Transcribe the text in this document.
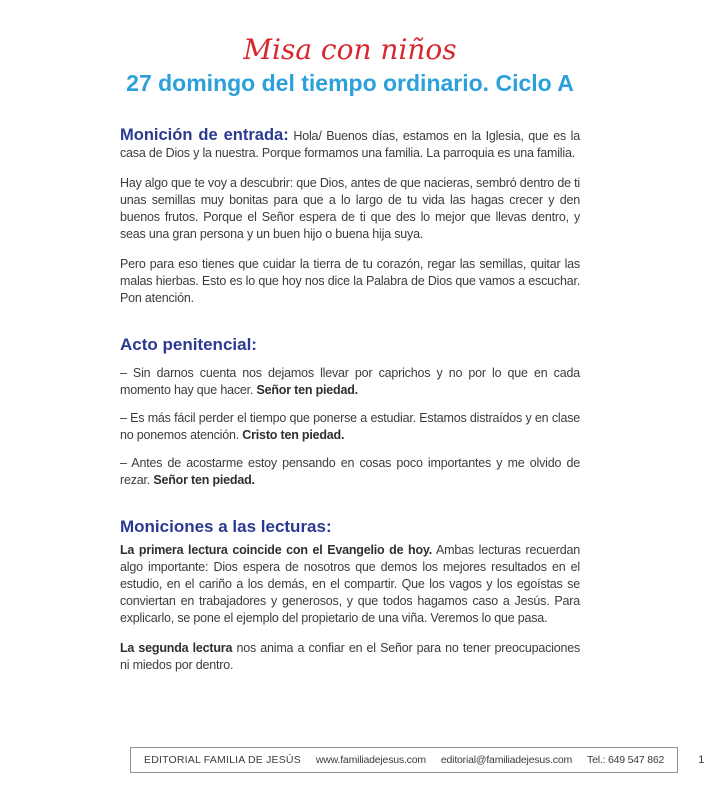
Misa con niños
27 domingo del tiempo ordinario. Ciclo A

Monición de entrada: Hola/ Buenos días, estamos en la Iglesia, que es la casa de Dios y la nuestra. Porque formamos una familia. La parroquia es una familia.

Hay algo que te voy a descubrir: que Dios, antes de que nacieras, sembró dentro de ti unas semillas muy bonitas para que a lo largo de tu vida las hagas crecer y den buenos frutos. Porque el Señor espera de ti que des lo mejor que llevas dentro, y seas una gran persona y un buen hijo o buena hija suya.

Pero para eso tienes que cuidar la tierra de tu corazón, regar las semillas, quitar las malas hierbas. Esto es lo que hoy nos dice la Palabra de Dios que vamos a escuchar. Pon atención.

Acto penitencial:

– Sin darnos cuenta nos dejamos llevar por caprichos y no por lo que en cada momento hay que hacer. Señor ten piedad.

– Es más fácil perder el tiempo que ponerse a estudiar. Estamos distraídos y en clase no ponemos atención. Cristo ten piedad.

– Antes de acostarme estoy pensando en cosas poco importantes y me olvido de rezar. Señor ten piedad.

Moniciones a las lecturas:

La primera lectura coincide con el Evangelio de hoy. Ambas lecturas recuerdan algo importante: Dios espera de nosotros que demos los mejores resultados en el estudio, en el cariño a los demás, en el compartir. Que los vagos y los egoístas se conviertan en trabajadores y generosos, y que todos hagamos caso a Jesús. Para explicarlo, se pone el ejemplo del propietario de una viña. Veremos lo que pasa.

La segunda lectura nos anima a confiar en el Señor para no tener preocupaciones ni miedos por dentro.

EDITORIAL FAMILIA DE JESÚS www.familiadejesus.com editorial@familiadejesus.com Tel.: 649 547 862	1
